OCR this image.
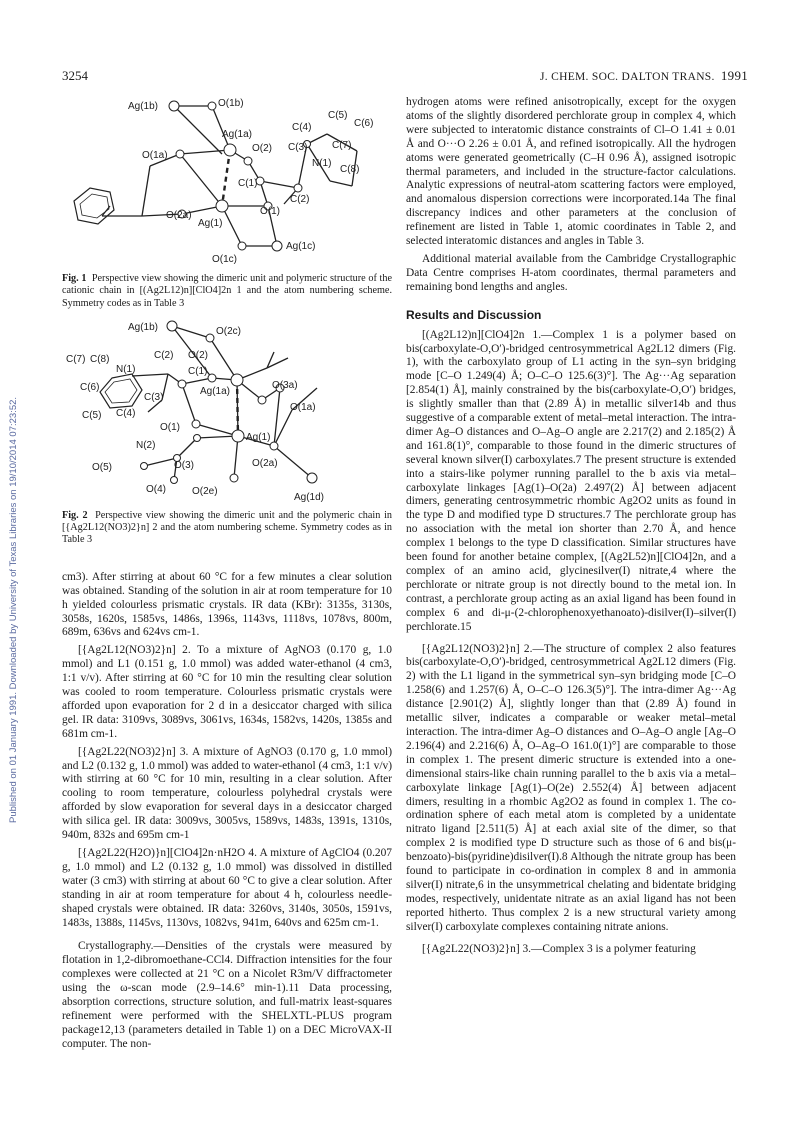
3254	J. CHEM. SOC. DALTON TRANS. 1991
Published on 01 January 1991. Downloaded by University of Texas Libraries on 19/10/2014 07:23:52.
Ag(1b)	O(1b)
Ag(1a)
O(2) C(3)
C(4)
C(5)
C(6)
C(7)
N(1)
C(8)
O(1a)
C(1)
C(2)
O(2a)	O(1)
Ag(1)
Ag(1c)
O(1c)
Fig. 1 Perspective view showing the dimeric unit and polymeric structure of the cationic chain in [(Ag2L12)n][ClO4]2n 1 and the atom numbering scheme. Symmetry codes as in Table 3
Ag(1b)	O(2c)
C(2) O(2)
C(7) C(8)
N(1)	C(1)
Ag(1a)
O(3a)
C(6)
C(3)
O(1a)
C(5) C(4)
O(1)
Ag(1)
N(2)
O(3)	O(2a)
O(5)
O(4)	O(2e)
Ag(1d)
Fig. 2 Perspective view showing the dimeric unit and the polymeric chain in [{Ag2L12(NO3)2}n] 2 and the atom numbering scheme. Symmetry codes as in Table 3

cm3). After stirring at about 60 °C for a few minutes a clear solution was obtained. Standing of the solution in air at room temperature for 10 h yielded colourless prismatic crystals. IR data (KBr): 3135s, 3130s, 3058s, 1620s, 1585vs, 1486s, 1396s, 1143vs, 1118vs, 1078vs, 800m, 689m, 636vs and 624vs cm-1.

[{Ag2L12(NO3)2}n] 2. To a mixture of AgNO3 (0.170 g, 1.0 mmol) and L1 (0.151 g, 1.0 mmol) was added water-ethanol (4 cm3, 1:1 v/v). After stirring at 60 °C for 10 min the resulting clear solution was cooled to room temperature. Colourless prismatic crystals were afforded upon evaporation for 2 d in a desiccator charged with silica gel. IR data: 3109vs, 3089vs, 3061vs, 1634s, 1582vs, 1420s, 1385s and 681m cm-1.

[{Ag2L22(NO3)2}n] 3. A mixture of AgNO3 (0.170 g, 1.0 mmol) and L2 (0.132 g, 1.0 mmol) was added to water-ethanol (4 cm3, 1:1 v/v) with stirring at 60 °C for 10 min, resulting in a clear solution. After cooling to room temperature, colourless polyhedral crystals were afforded by slow evaporation for several days in a desiccator charged with silica gel. IR data: 3009vs, 3005vs, 1589vs, 1483s, 1391s, 1310s, 940m, 832s and 695m cm-1

[{Ag2L22(H2O)}n][ClO4]2n·nH2O 4. A mixture of AgClO4 (0.207 g, 1.0 mmol) and L2 (0.132 g, 1.0 mmol) was dissolved in distilled water (3 cm3) with stirring at about 60 °C to give a clear solution. After standing in air at room temperature for about 4 h, colourless needle-shaped crystals were obtained. IR data: 3260vs, 3140s, 3050s, 1591vs, 1483s, 1388s, 1145vs, 1130vs, 1082vs, 941m, 640vs and 625m cm-1.

Crystallography.—Densities of the crystals were measured by flotation in 1,2-dibromoethane-CCl4. Diffraction intensities for the four complexes were collected at 21 °C on a Nicolet R3m/V diffractometer using the ω-scan mode (2.9–14.6° min-1).11 Data processing, absorption corrections, structure solution, and full-matrix least-squares refinement were performed with the SHELXTL-PLUS program package12,13 (parameters detailed in Table 1) on a DEC MicroVAX-II computer. The non-

hydrogen atoms were refined anisotropically, except for the oxygen atoms of the slightly disordered perchlorate group in complex 4, which were subjected to interatomic distance constraints of Cl–O 1.41 ± 0.01 Å and O···O 2.26 ± 0.01 Å, and refined isotropically. All the hydrogen atoms were generated geometrically (C–H 0.96 Å), assigned isotropic thermal parameters, and included in the structure-factor calculations. Analytic expressions of neutral-atom scattering factors were employed, and anomalous dispersion corrections were incorporated.14a The final discrepancy indices and other parameters at the conclusion of refinement are listed in Table 1, atomic coordinates in Table 2, and selected interatomic distances and angles in Table 3.

Additional material available from the Cambridge Crystallographic Data Centre comprises H-atom coordinates, thermal parameters and remaining bond lengths and angles.

Results and Discussion

[(Ag2L12)n][ClO4]2n 1.—Complex 1 is a polymer based on bis(carboxylate-O,O′)-bridged centrosymmetrical Ag2L12 dimers (Fig. 1), with the carboxylato group of L1 acting in the syn–syn bridging mode [C–O 1.249(4) Å; O–C–O 125.6(3)°]. The Ag···Ag separation [2.854(1) Å], mainly constrained by the bis(carboxylate-O,O′) bridges, is slightly smaller than that (2.89 Å) in metallic silver14b and thus suggestive of a comparable extent of metal–metal interaction. The intra-dimer Ag–O distances and O–Ag–O angle are 2.217(2) and 2.185(2) Å and 161.8(1)°, comparable to those found in the dimeric structures of several known silver(I) carboxylates.7 The present structure is extended into a stairs-like polymer running parallel to the b axis via metal–carboxylate linkages [Ag(1)–O(2a) 2.497(2) Å] between adjacent dimers, generating centrosymmetric rhombic Ag2O2 units as found in the type D and modified type D structures.7 The perchlorate group has no association with the metal ion shorter than 2.70 Å, and hence complex 1 belongs to the type D classification. Similar structures have been found for another betaine complex, [(Ag2L52)n][ClO4]2n, and a complex of an amino acid, glycinesilver(I) nitrate,4 where the perchlorate or nitrate group is not directly bound to the metal ion. In contrast, a perchlorate group acting as an axial ligand has been found in complex 6 and di-μ-(2-chlorophenoxyethanoato)-disilver(I)–silver(I) perchlorate.15

[{Ag2L12(NO3)2}n] 2.—The structure of complex 2 also features bis(carboxylate-O,O′)-bridged, centrosymmetrical Ag2L12 dimers (Fig. 2) with the L1 ligand in the symmetrical syn–syn bridging mode [C–O 1.258(6) and 1.257(6) Å, O–C–O 126.3(5)°]. The intra-dimer Ag···Ag distance [2.901(2) Å], slightly longer than that (2.89 Å) found in metallic silver, indicates a comparable or weaker metal–metal interaction. The intra-dimer Ag–O distances and O–Ag–O angle [Ag–O 2.196(4) and 2.216(6) Å, O–Ag–O 161.0(1)°] are comparable to those in complex 1. The present dimeric structure is extended into a one-dimensional stairs-like chain running parallel to the b axis via a metal–carboxylate linkage [Ag(1)–O(2e) 2.552(4) Å] between adjacent dimers, resulting in a rhombic Ag2O2 as found in complex 1. The co-ordination sphere of each metal atom is completed by a unidentate nitrato ligand [2.511(5) Å] at each axial site of the dimer, so that complex 2 is modified type D structure such as those of 6 and bis(μ-benzoato)-bis(pyridine)disilver(I).8 Although the nitrate group has been found to participate in co-ordination in complex 8 and in ammonia silver(I) nitrate,6 in the unsymmetrical chelating and bidentate bridging modes, respectively, unidentate nitrate as an axial ligand has not been reported hitherto. Thus complex 2 is a new structural variety among silver(I) carboxylate complexes containing nitrate anions.

[{Ag2L22(NO3)2}n] 3.—Complex 3 is a polymer featuring
